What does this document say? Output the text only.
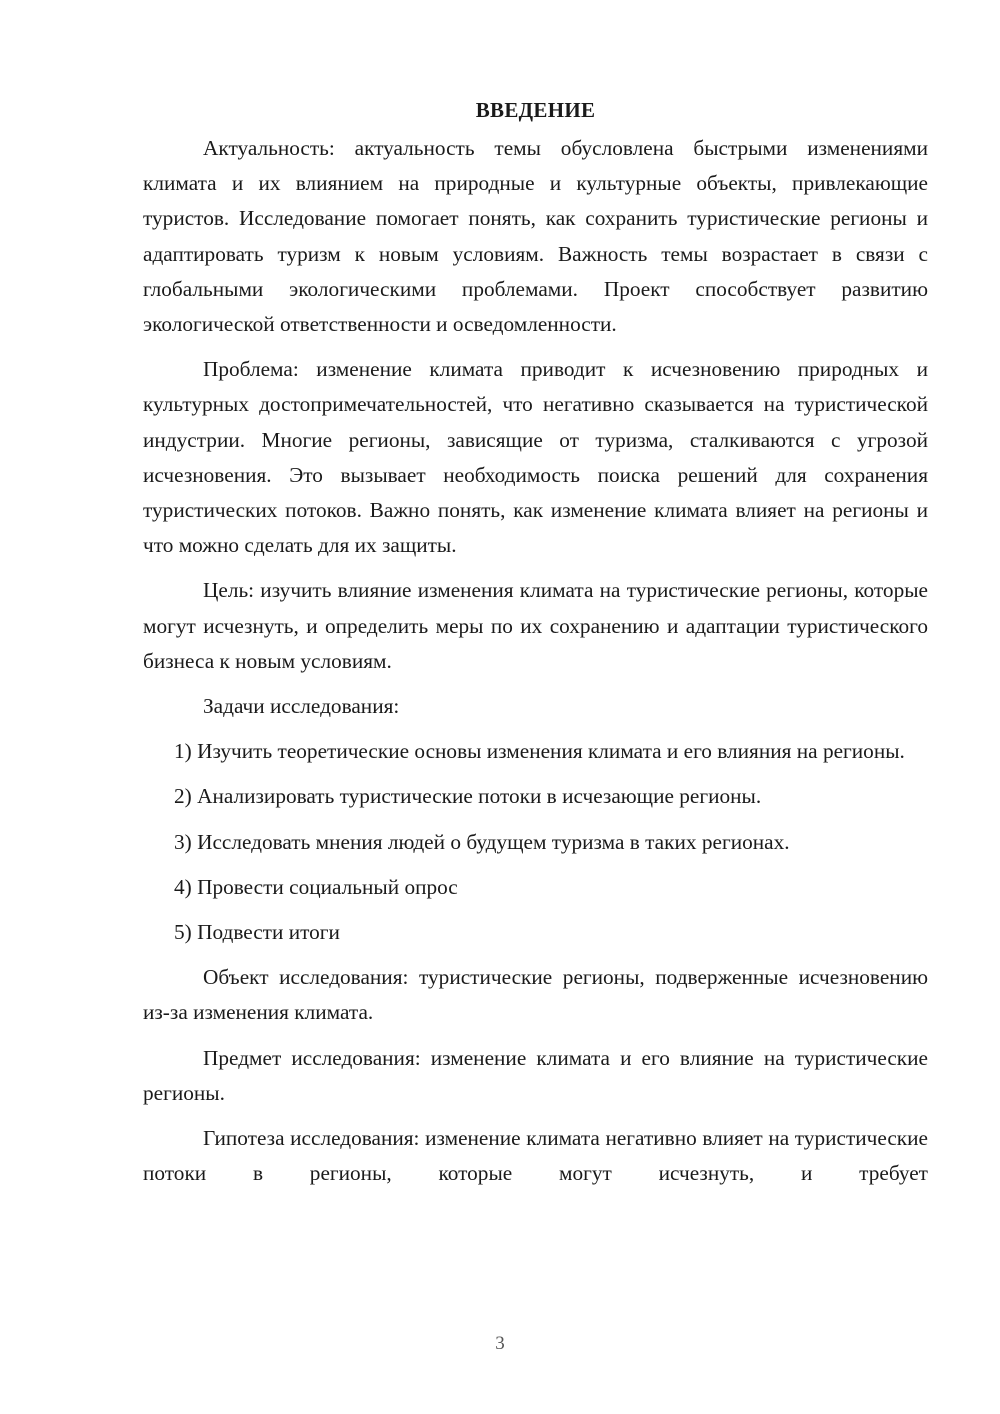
ВВЕДЕНИЕ

Актуальность: актуальность темы обусловлена быстрыми изменениями климата и их влиянием на природные и культурные объекты, привлекающие туристов. Исследование помогает понять, как сохранить туристические регионы и адаптировать туризм к новым условиям. Важность темы возрастает в связи с глобальными экологическими проблемами. Проект способствует развитию экологической ответственности и осведомленности.

Проблема: изменение климата приводит к исчезновению природных и культурных достопримечательностей, что негативно сказывается на туристической индустрии. Многие регионы, зависящие от туризма, сталкиваются с угрозой исчезновения. Это вызывает необходимость поиска решений для сохранения туристических потоков. Важно понять, как изменение климата влияет на регионы и что можно сделать для их защиты.

Цель: изучить влияние изменения климата на туристические регионы, которые могут исчезнуть, и определить меры по их сохранению и адаптации туристического бизнеса к новым условиям.

Задачи исследования:

1) Изучить теоретические основы изменения климата и его влияния на регионы.

2) Анализировать туристические потоки в исчезающие регионы.

3) Исследовать мнения людей о будущем туризма в таких регионах.

4) Провести социальный опрос

5) Подвести итоги

Объект исследования: туристические регионы, подверженные исчезновению из-за изменения климата.

Предмет исследования: изменение климата и его влияние на туристические регионы.

Гипотеза исследования: изменение климата негативно влияет на туристические потоки в регионы, которые могут исчезнуть, и требует

3
